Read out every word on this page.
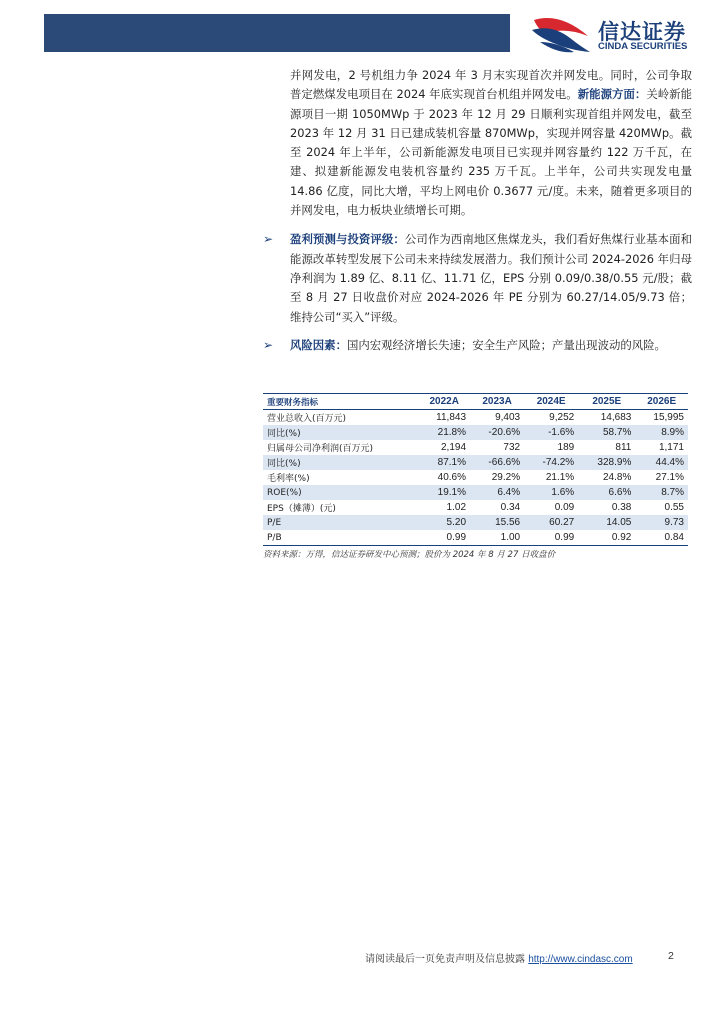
信达证券
CINDA SECURITIES

并网发电，2 号机组力争 2024 年 3 月末实现首次并网发电。同时，公司争取普定燃煤发电项目在 2024 年底实现首台机组并网发电。新能源方面：关岭新能源项目一期 1050MWp 于 2023 年 12 月 29 日顺利实现首组并网发电，截至 2023 年 12 月 31 日已建成装机容量 870MWp，实现并网容量 420MWp。截至 2024 年上半年，公司新能源发电项目已实现并网容量约 122 万千瓦，在建、拟建新能源发电装机容量约 235 万千瓦。上半年，公司共实现发电量 14.86 亿度，同比大增，平均上网电价 0.3677 元/度。未来，随着更多项目的并网发电，电力板块业绩增长可期。

➢ 盈利预测与投资评级：公司作为西南地区焦煤龙头，我们看好焦煤行业基本面和能源改革转型发展下公司未来持续发展潜力。我们预计公司 2024-2026 年归母净利润为 1.89 亿、8.11 亿、11.71 亿，EPS 分别 0.09/0.38/0.55 元/股；截至 8 月 27 日收盘价对应 2024-2026 年 PE 分别为 60.27/14.05/9.73 倍；维持公司“买入”评级。

➢ 风险因素：国内宏观经济增长失速；安全生产风险；产量出现波动的风险。

重要财务指标	2022A	2023A	2024E	2025E	2026E
营业总收入(百万元)	11,843	9,403	9,252	14,683	15,995
同比(%)	21.8%	-20.6%	-1.6%	58.7%	8.9%
归属母公司净利润(百万元)	2,194	732	189	811	1,171
同比(%)	87.1%	-66.6%	-74.2%	328.9%	44.4%
毛利率(%)	40.6%	29.2%	21.1%	24.8%	27.1%
ROE(%)	19.1%	6.4%	1.6%	6.6%	8.7%
EPS（摊薄）(元)	1.02	0.34	0.09	0.38	0.55
P/E	5.20	15.56	60.27	14.05	9.73
P/B	0.99	1.00	0.99	0.92	0.84
资料来源：万得，信达证券研发中心预测；股价为 2024 年 8 月 27 日收盘价
请阅读最后一页免责声明及信息披露 http://www.cindasc.com	2
